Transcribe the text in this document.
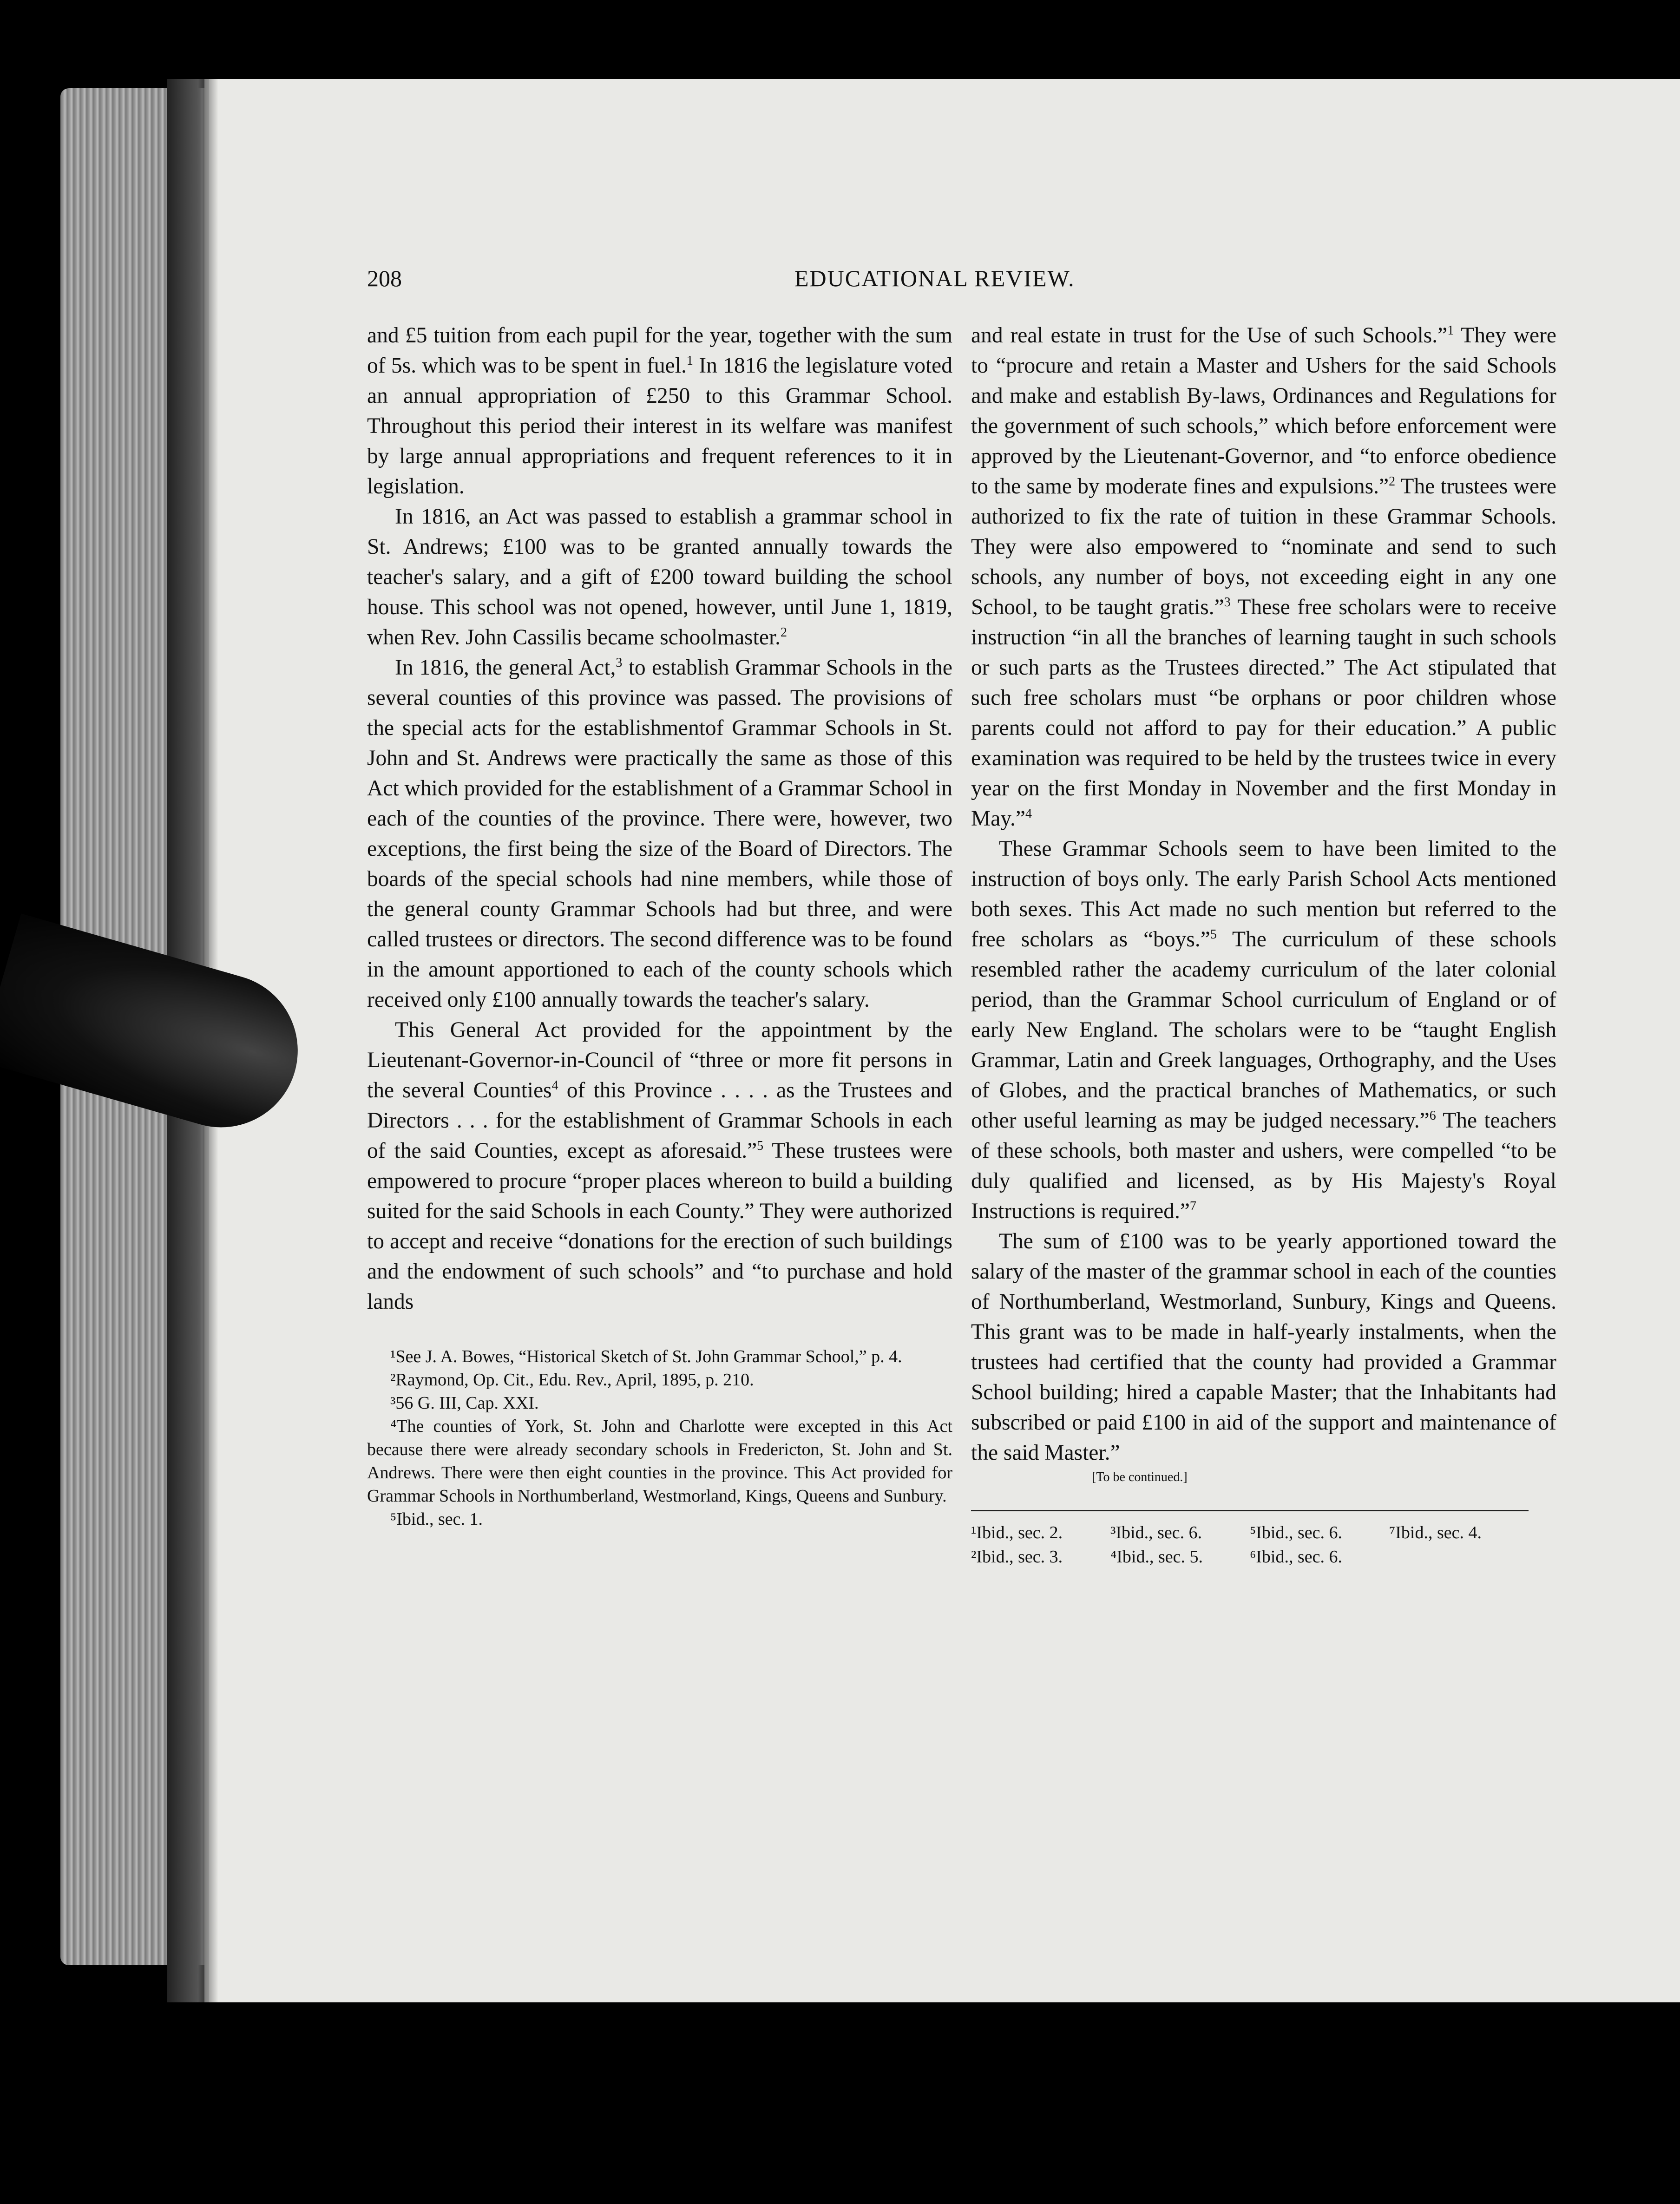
208	EDUCATIONAL REVIEW.

and £5 tuition from each pupil for the year, together with the sum of 5s. which was to be spent in fuel.$^1$ In 1816 the legislature voted an annual appropriation of £250 to this Grammar School. Throughout this period their interest in its welfare was manifest by large annual appropriations and frequent references to it in legislation.

In 1816, an Act was passed to establish a grammar school in St. Andrews; £100 was to be granted annually towards the teacher's salary, and a gift of £200 toward building the school house. This school was not opened, however, until June 1, 1819, when Rev. John Cassilis became schoolmaster.$^2$

In 1816, the general Act,$^3$ to establish Grammar Schools in the several counties of this province was passed. The provisions of the special acts for the establishmentof Grammar Schools in St. John and St. Andrews were practically the same as those of this Act which provided for the establishment of a Grammar School in each of the counties of the province. There were, however, two exceptions, the first being the size of the Board of Directors. The boards of the special schools had nine members, while those of the general county Grammar Schools had but three, and were called trustees or directors. The second difference was to be found in the amount apportioned to each of the county schools which received only £100 annually towards the teacher's salary.

This General Act provided for the appointment by the Lieutenant-Governor-in-Council of “three or more fit persons in the several Counties$^4$ of this Province . . . . as the Trustees and Directors . . . for the establishment of Grammar Schools in each of the said Counties, except as aforesaid.”$^5$ These trustees were empowered to procure “proper places whereon to build a building suited for the said Schools in each County.” They were authorized to accept and receive “donations for the erection of such buildings and the endowment of such schools” and “to purchase and hold lands

¹See J. A. Bowes, “Historical Sketch of St. John Grammar School,” p. 4.

²Raymond, Op. Cit., Edu. Rev., April, 1895, p. 210.

³56 G. III, Cap. XXI.

⁴The counties of York, St. John and Charlotte were excepted in this Act because there were already secondary schools in Fredericton, St. John and St. Andrews. There were then eight counties in the province. This Act provided for Grammar Schools in Northumberland, Westmorland, Kings, Queens and Sunbury.

⁵Ibid., sec. 1.

and real estate in trust for the Use of such Schools.”$^1$ They were to “procure and retain a Master and Ushers for the said Schools and make and establish By-laws, Ordinances and Regulations for the government of such schools,” which before enforcement were approved by the Lieutenant-Governor, and “to enforce obedience to the same by moderate fines and expulsions.”$^2$ The trustees were authorized to fix the rate of tuition in these Grammar Schools. They were also empowered to “nominate and send to such schools, any number of boys, not exceeding eight in any one School, to be taught gratis.”$^3$ These free scholars were to receive instruction “in all the branches of learning taught in such schools or such parts as the Trustees directed.” The Act stipulated that such free scholars must “be orphans or poor children whose parents could not afford to pay for their education.” A public examination was required to be held by the trustees twice in every year on the first Monday in November and the first Monday in May.”$^4$

These Grammar Schools seem to have been limited to the instruction of boys only. The early Parish School Acts mentioned both sexes. This Act made no such mention but referred to the free scholars as “boys.”$^5$ The curriculum of these schools resembled rather the academy curriculum of the later colonial period, than the Grammar School curriculum of England or of early New England. The scholars were to be “taught English Grammar, Latin and Greek languages, Orthography, and the Uses of Globes, and the practical branches of Mathematics, or such other useful learning as may be judged necessary.”$^6$ The teachers of these schools, both master and ushers, were compelled “to be duly qualified and licensed, as by His Majesty's Royal Instructions is required.”$^7$

The sum of £100 was to be yearly apportioned toward the salary of the master of the grammar school in each of the counties of Northumberland, Westmorland, Sunbury, Kings and Queens. This grant was to be made in half-yearly instalments, when the trustees had certified that the county had provided a Grammar School building; hired a capable Master; that the Inhabitants had subscribed or paid £100 in aid of the support and maintenance of the said Master.”

[To be continued.]
¹Ibid., sec. 2.	³Ibid., sec. 6.	⁵Ibid., sec. 6.	⁷Ibid., sec. 4.
²Ibid., sec. 3.	⁴Ibid., sec. 5.	⁶Ibid., sec. 6.
